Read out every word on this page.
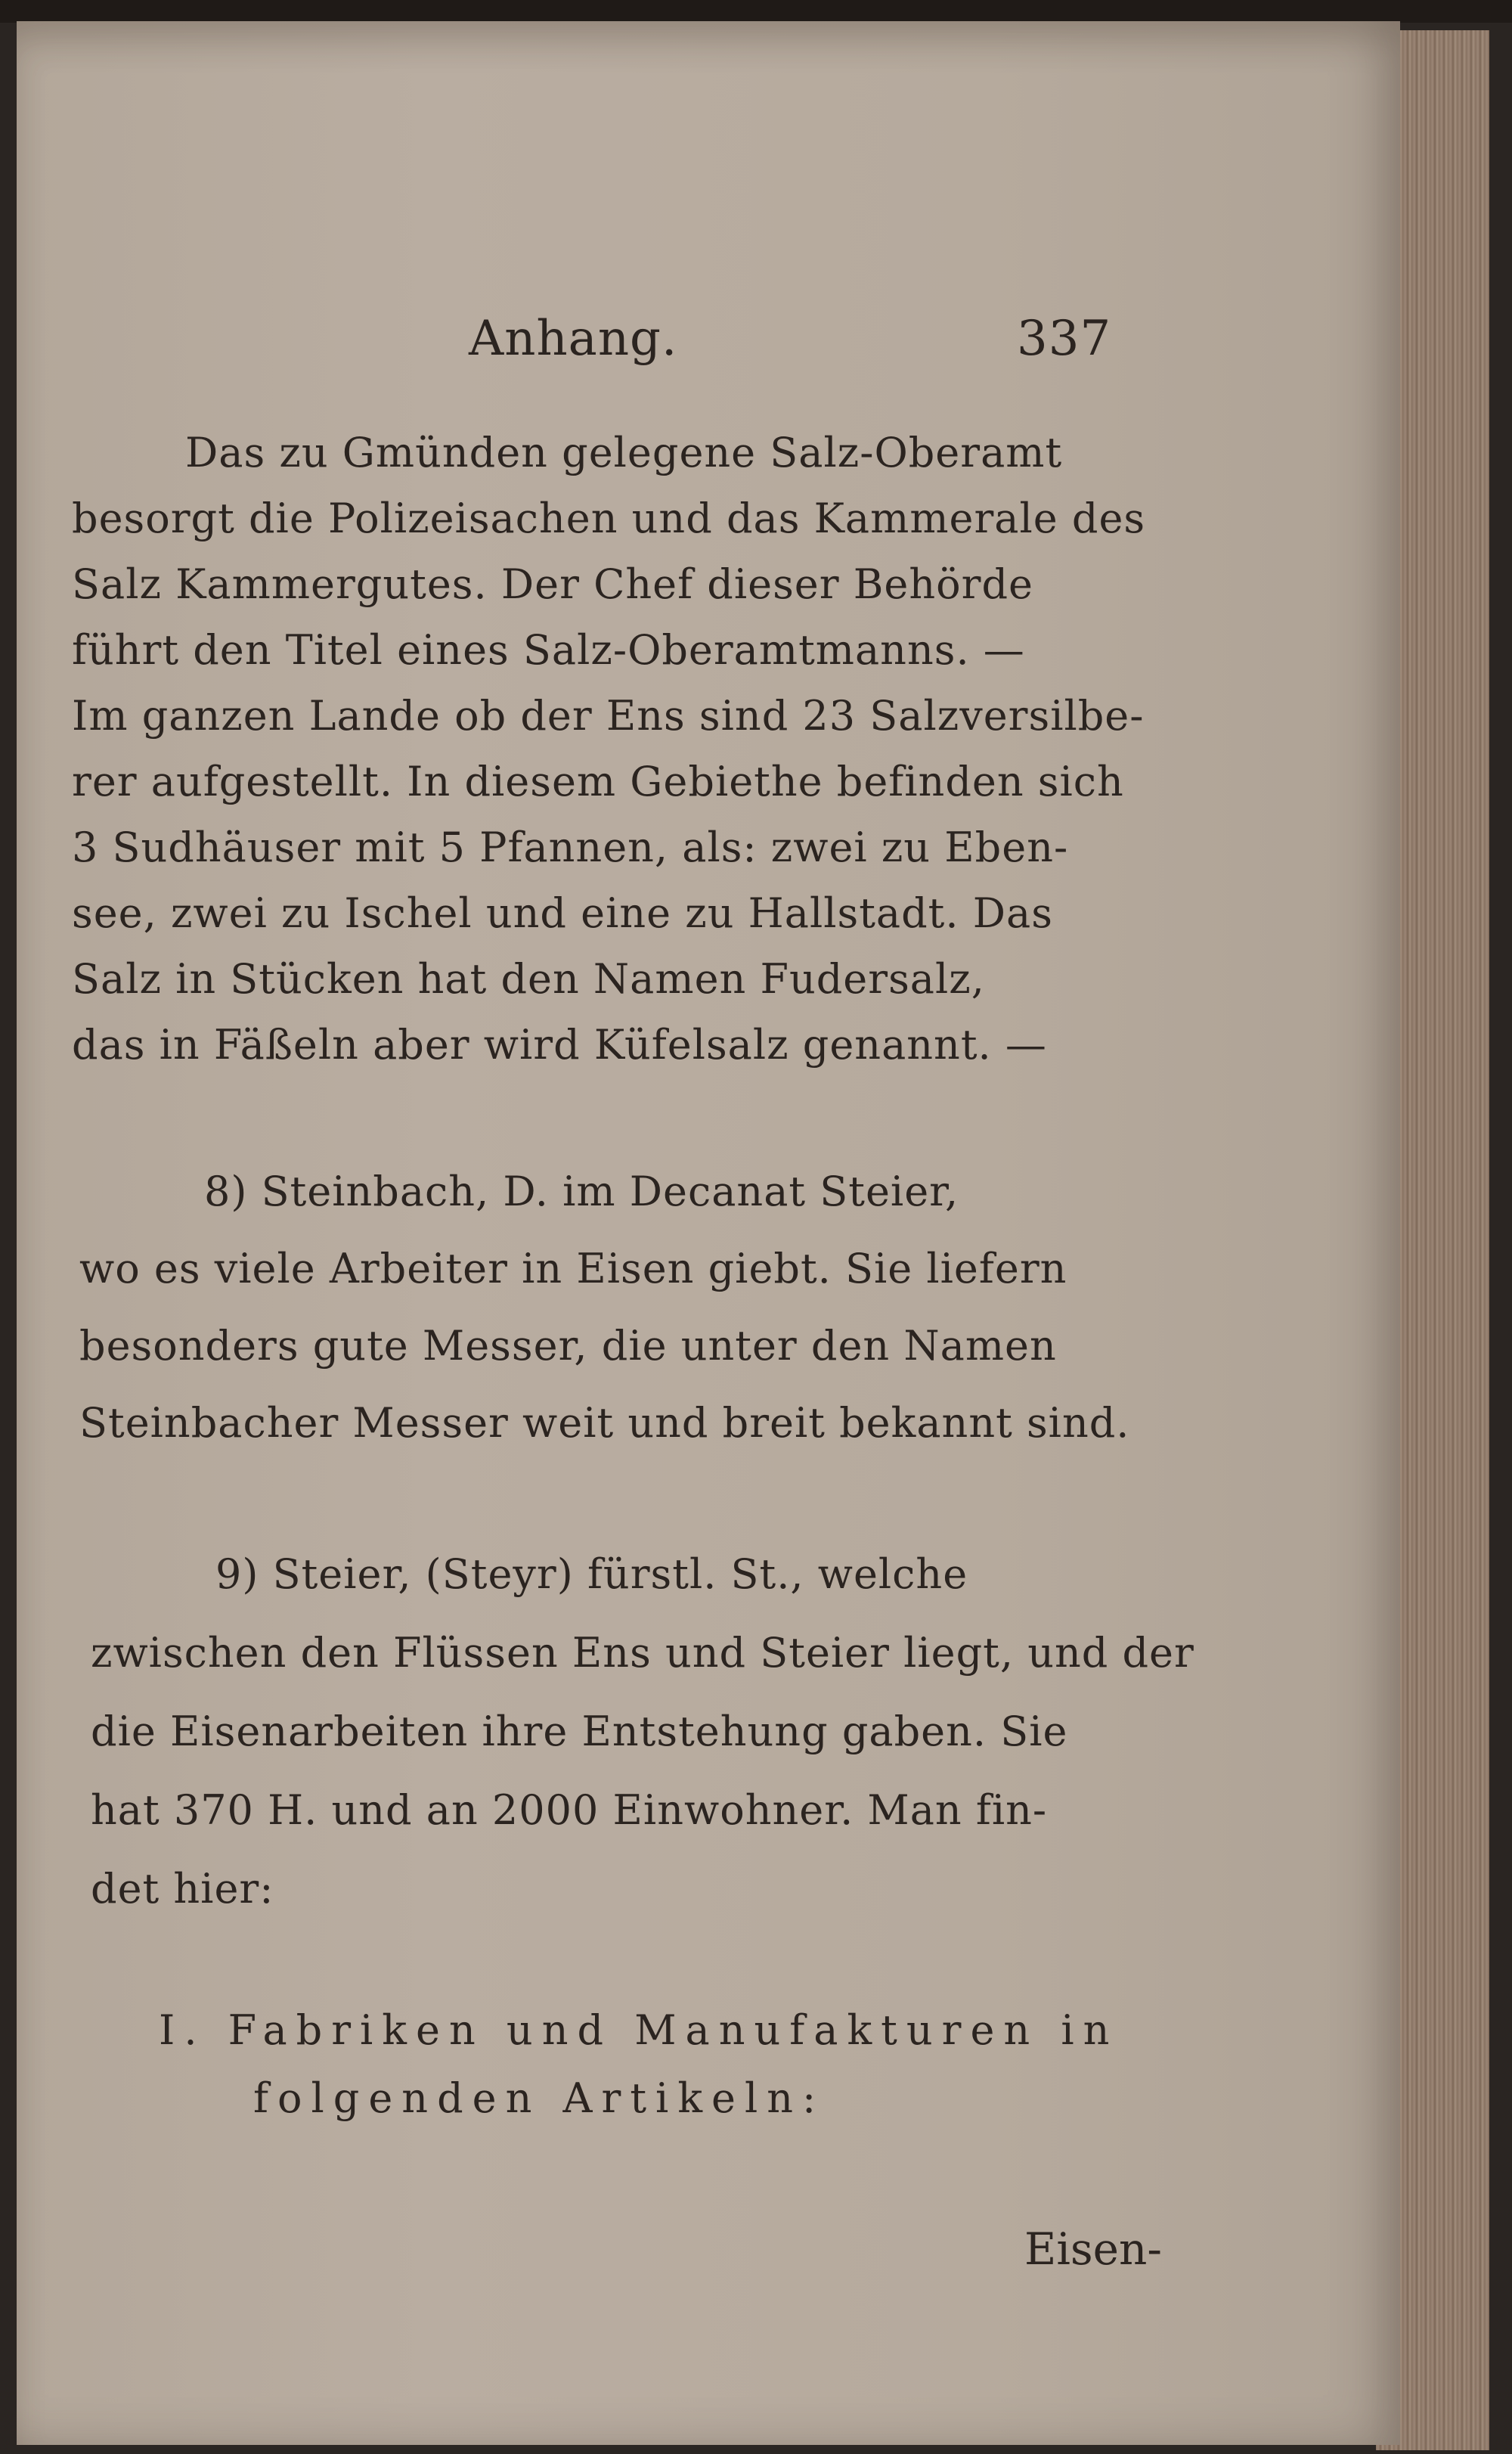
Anhang.	337
Das zu Gmünden gelegene Salz-Oberamt
besorgt die Polizeisachen und das Kammerale des
Salz Kammergutes. Der Chef dieser Behörde
führt den Titel eines Salz-Oberamtmanns. —
Im ganzen Lande ob der Ens sind 23 Salzversilbe-
rer aufgestellt. In diesem Gebiethe befinden sich
3 Sudhäuser mit 5 Pfannen, als: zwei zu Eben-
see, zwei zu Ischel und eine zu Hallstadt. Das
Salz in Stücken hat den Namen Fudersalz,
das in Fäßeln aber wird Küfelsalz genannt. —
8) Steinbach, D. im Decanat Steier,
wo es viele Arbeiter in Eisen giebt. Sie liefern
besonders gute Messer, die unter den Namen
Steinbacher Messer weit und breit bekannt sind.
9) Steier, (Steyr) fürstl. St., welche
zwischen den Flüssen Ens und Steier liegt, und der
die Eisenarbeiten ihre Entstehung gaben. Sie
hat 370 H. und an 2000 Einwohner. Man fin-
det hier:
I. Fabriken und Manufakturen in
folgenden Artikeln:
Eisen-
